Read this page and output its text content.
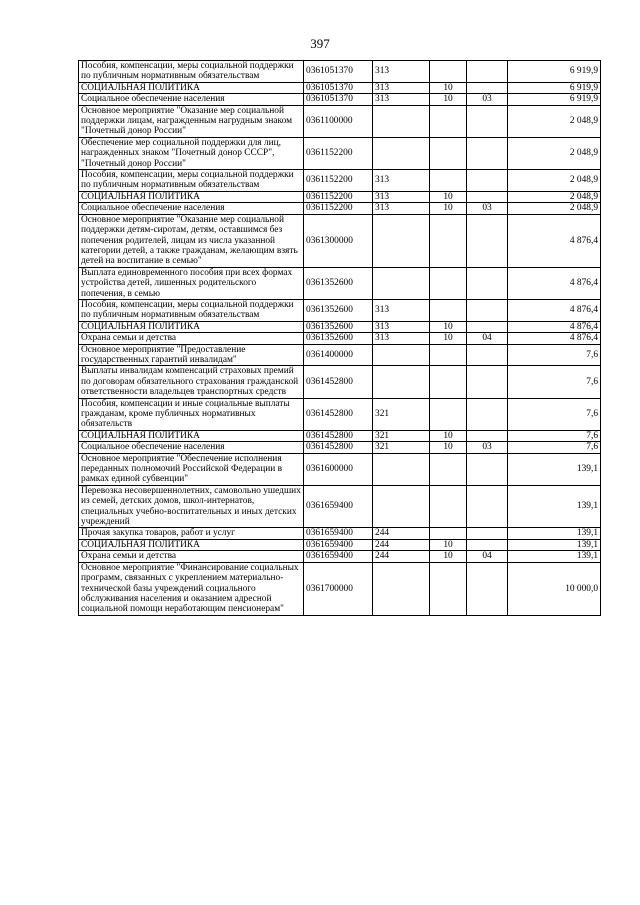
397
Пособия, компенсации, меры социальной поддержки по публичным нормативным обязательствам	0361051370	313			6 919,9
СОЦИАЛЬНАЯ ПОЛИТИКА	0361051370	313	10		6 919,9
Социальное обеспечение населения	0361051370	313	10	03	6 919,9
Основное мероприятие "Оказание мер социальной поддержки лицам, награжденным нагрудным знаком "Почетный донор России"	0361100000				2 048,9
Обеспечение мер социальной поддержки для лиц, награжденных знаком "Почетный донор СССР", "Почетный донор России"	0361152200				2 048,9
Пособия, компенсации, меры социальной поддержки по публичным нормативным обязательствам	0361152200	313			2 048,9
СОЦИАЛЬНАЯ ПОЛИТИКА	0361152200	313	10		2 048,9
Социальное обеспечение населения	0361152200	313	10	03	2 048,9
Основное мероприятие "Оказание мер социальной поддержки детям-сиротам, детям, оставшимся без попечения родителей, лицам из числа указанной категории детей, а также гражданам, желающим взять детей на воспитание в семью"	0361300000				4 876,4
Выплата единовременного пособия при всех формах устройства детей, лишенных родительского попечения, в семью	0361352600				4 876,4
Пособия, компенсации, меры социальной поддержки по публичным нормативным обязательствам	0361352600	313			4 876,4
СОЦИАЛЬНАЯ ПОЛИТИКА	0361352600	313	10		4 876,4
Охрана семьи и детства	0361352600	313	10	04	4 876,4
Основное мероприятие "Предоставление государственных гарантий инвалидам"	0361400000				7,6
Выплаты инвалидам компенсаций страховых премий по договорам обязательного страхования гражданской ответственности владельцев транспортных средств	0361452800				7,6
Пособия, компенсации и иные социальные выплаты гражданам, кроме публичных нормативных обязательств	0361452800	321			7,6
СОЦИАЛЬНАЯ ПОЛИТИКА	0361452800	321	10		7,6
Социальное обеспечение населения	0361452800	321	10	03	7,6
Основное мероприятие "Обеспечение исполнения переданных полномочий Российской Федерации в рамках единой субвенции"	0361600000				139,1
Перевозка несовершеннолетних, самовольно ушедших из семей, детских домов, школ-интернатов, специальных учебно-воспитательных и иных детских учреждений	0361659400				139,1
Прочая закупка товаров, работ и услуг	0361659400	244			139,1
СОЦИАЛЬНАЯ ПОЛИТИКА	0361659400	244	10		139,1
Охрана семьи и детства	0361659400	244	10	04	139,1
Основное мероприятие "Финансирование социальных программ, связанных с укреплением материально-технической базы учреждений социального обслуживания населения и оказанием адресной социальной помощи неработающим пенсионерам"	0361700000				10 000,0
